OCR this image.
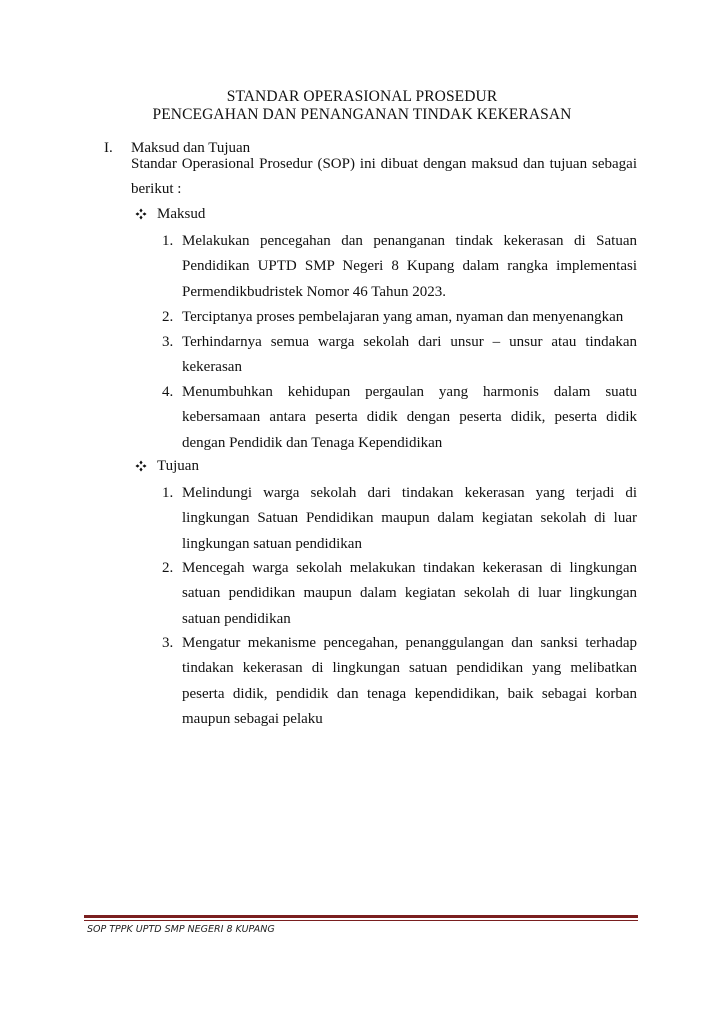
STANDAR OPERASIONAL PROSEDUR
PENCEGAHAN DAN PENANGANAN TINDAK KEKERASAN
I. Maksud dan Tujuan

Standar Operasional Prosedur (SOP) ini dibuat dengan maksud dan tujuan sebagai berikut :

Maksud
1. Melakukan pencegahan dan penanganan tindak kekerasan di Satuan Pendidikan UPTD SMP Negeri 8 Kupang dalam rangka implementasi Permendikbudristek Nomor 46 Tahun 2023.

2. Terciptanya proses pembelajaran yang aman, nyaman dan menyenangkan

3. Terhindarnya semua warga sekolah dari unsur – unsur atau tindakan kekerasan

4. Menumbuhkan kehidupan pergaulan yang harmonis dalam suatu kebersamaan antara peserta didik dengan peserta didik, peserta didik dengan Pendidik dan Tenaga Kependidikan

Tujuan
1. Melindungi warga sekolah dari tindakan kekerasan yang terjadi di lingkungan Satuan Pendidikan maupun dalam kegiatan sekolah di luar lingkungan satuan pendidikan

2. Mencegah warga sekolah melakukan tindakan kekerasan di lingkungan satuan pendidikan maupun dalam kegiatan sekolah di luar lingkungan satuan pendidikan

3. Mengatur mekanisme pencegahan, penanggulangan dan sanksi terhadap tindakan kekerasan di lingkungan satuan pendidikan yang melibatkan peserta didik, pendidik dan tenaga kependidikan, baik sebagai korban maupun sebagai pelaku

SOP TPPK UPTD SMP NEGERI 8 KUPANG
